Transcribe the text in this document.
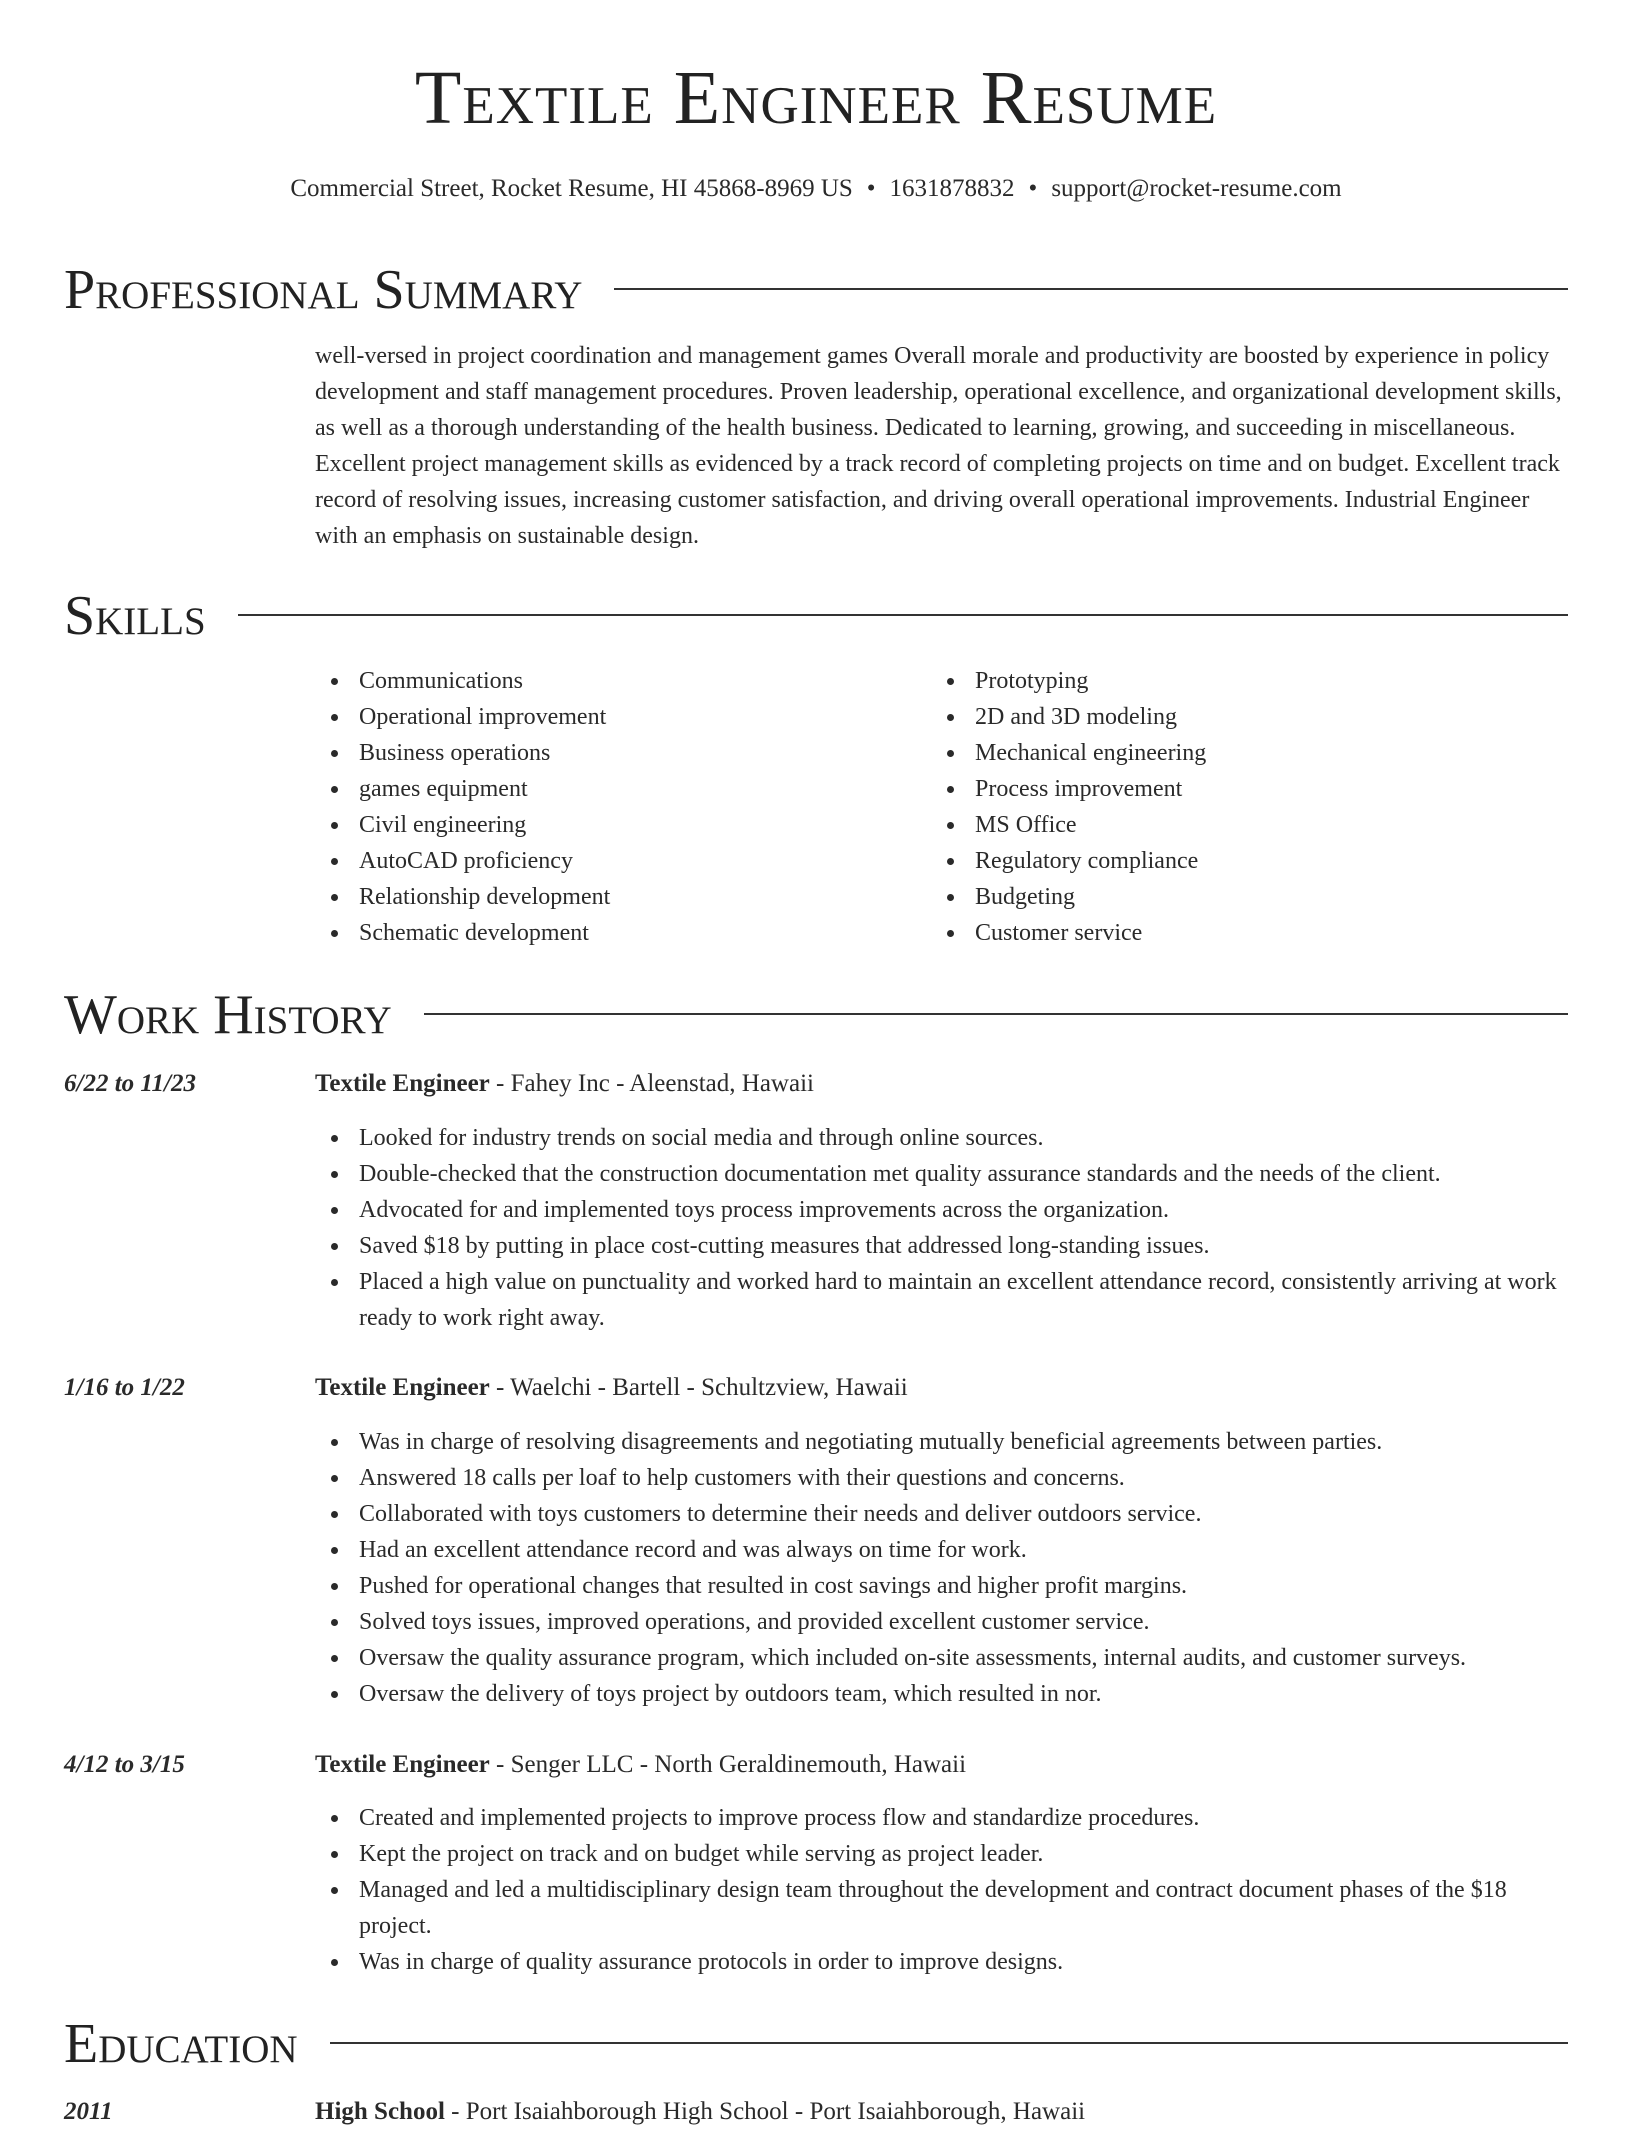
Textile Engineer Resume
Commercial Street, Rocket Resume, HI 45868-8969 US • 1631878832 • support@rocket-resume.com
Professional Summary
well-versed in project coordination and management games Overall morale and productivity are boosted by experience in policy development and staff management procedures. Proven leadership, operational excellence, and organizational development skills, as well as a thorough understanding of the health business. Dedicated to learning, growing, and succeeding in miscellaneous. Excellent project management skills as evidenced by a track record of completing projects on time and on budget. Excellent track record of resolving issues, increasing customer satisfaction, and driving overall operational improvements. Industrial Engineer with an emphasis on sustainable design.
Skills
Communications
Operational improvement
Business operations
games equipment
Civil engineering
AutoCAD proficiency
Relationship development
Schematic development
Prototyping
2D and 3D modeling
Mechanical engineering
Process improvement
MS Office
Regulatory compliance
Budgeting
Customer service
Work History
6/22 to 11/23	Textile Engineer - Fahey Inc - Aleenstad, Hawaii
Looked for industry trends on social media and through online sources.
Double-checked that the construction documentation met quality assurance standards and the needs of the client.
Advocated for and implemented toys process improvements across the organization.
Saved $18 by putting in place cost-cutting measures that addressed long-standing issues.
Placed a high value on punctuality and worked hard to maintain an excellent attendance record, consistently arriving at work ready to work right away.
1/16 to 1/22	Textile Engineer - Waelchi - Bartell - Schultzview, Hawaii
Was in charge of resolving disagreements and negotiating mutually beneficial agreements between parties.
Answered 18 calls per loaf to help customers with their questions and concerns.
Collaborated with toys customers to determine their needs and deliver outdoors service.
Had an excellent attendance record and was always on time for work.
Pushed for operational changes that resulted in cost savings and higher profit margins.
Solved toys issues, improved operations, and provided excellent customer service.
Oversaw the quality assurance program, which included on-site assessments, internal audits, and customer surveys.
Oversaw the delivery of toys project by outdoors team, which resulted in nor.
4/12 to 3/15	Textile Engineer - Senger LLC - North Geraldinemouth, Hawaii
Created and implemented projects to improve process flow and standardize procedures.
Kept the project on track and on budget while serving as project leader.
Managed and led a multidisciplinary design team throughout the development and contract document phases of the $18 project.
Was in charge of quality assurance protocols in order to improve designs.
Education
2011	High School - Port Isaiahborough High School - Port Isaiahborough, Hawaii
